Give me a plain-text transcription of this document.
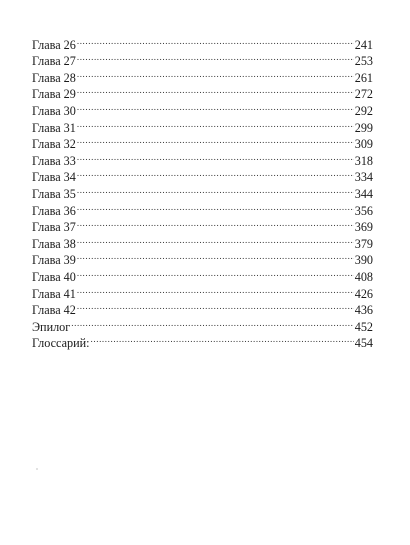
Глава 26 .....	241
Глава 27 .....	253
Глава 28 .....	261
Глава 29 .....	272
Глава 30 .....	292
Глава 31 .....	299
Глава 32 .....	309
Глава 33 .....	318
Глава 34 .....	334
Глава 35 .....	344
Глава 36 .....	356
Глава 37 .....	369
Глава 38 .....	379
Глава 39 .....	390
Глава 40 .....	408
Глава 41 .....	426
Глава 42 .....	436
Эпилог .....	452
Глоссарий: .....	454
